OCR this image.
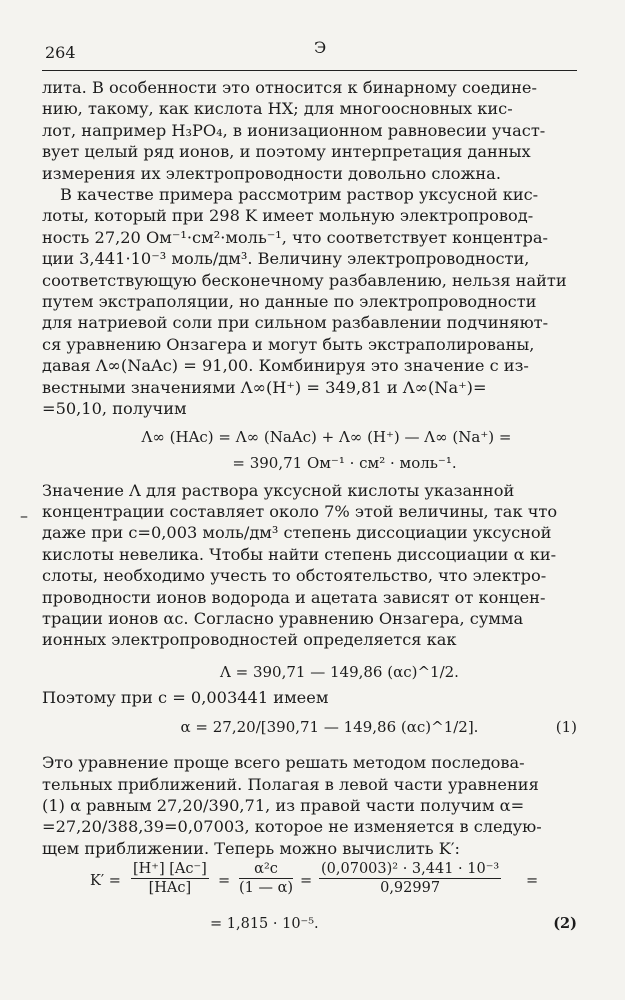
264	Э

лита. В особенности это относится к бинарному соедине-
нию, такому, как кислота HX; для многоосновных кис-
лот, например H₃PO₄, в ионизационном равновесии участ-
вует целый ряд ионов, и поэтому интерпретация данных
измерения их электропроводности довольно сложна.

В качестве примера рассмотрим раствор уксусной кис-
лоты, который при 298 K имеет мольную электропровод-
ность 27,20 Ом⁻¹·см²·моль⁻¹, что соответствует концентра-
ции 3,441·10⁻³ моль/дм³. Величину электропроводности,
соответствующую бесконечному разбавлению, нельзя найти
путем экстраполяции, но данные по электропроводности
для натриевой соли при сильном разбавлении подчиняют-
ся уравнению Онзагера и могут быть экстраполированы,
давая Λ∞(NaAc) = 91,00. Комбинируя это значение с из-
вестными значениями Λ∞(H⁺) = 349,81 и Λ∞(Na⁺)=
=50,10, получим

Λ∞ (HAc) = Λ∞ (NaAc) + Λ∞ (H⁺) — Λ∞ (Na⁺) =
= 390,71 Ом⁻¹ · см² · моль⁻¹.

Значение Λ для раствора уксусной кислоты указанной
концентрации составляет около 7% этой величины, так что
даже при c=0,003 моль/дм³ степень диссоциации уксусной
кислоты невелика. Чтобы найти степень диссоциации α ки-
слоты, необходимо учесть то обстоятельство, что электро-
проводности ионов водорода и ацетата зависят от концен-
трации ионов αc. Согласно уравнению Онзагера, сумма
ионных электропроводностей определяется как

Λ = 390,71 — 149,86 (αc)^1/2.

Поэтому при c = 0,003441 имеем

α = 27,20/[390,71 — 149,86 (αc)^1/2].	(1)

Это уравнение проще всего решать методом последова-
тельных приближений. Полагая в левой части уравнения
(1) α равным 27,20/390,71, из правой части получим α=
=27,20/388,39=0,07003, которое не изменяется в следую-
щем приближении. Теперь можно вычислить K′:

K′ =
[H⁺] [Ac⁻]
[HAc]	= $\frac{\text{α²c}}{(1 — \alpha)} = \frac{\text{(0,07003)² · 3,441 · 10⁻³}}{0,92997}$ =
= 1,815 · 10⁻⁵.	(2)
–
